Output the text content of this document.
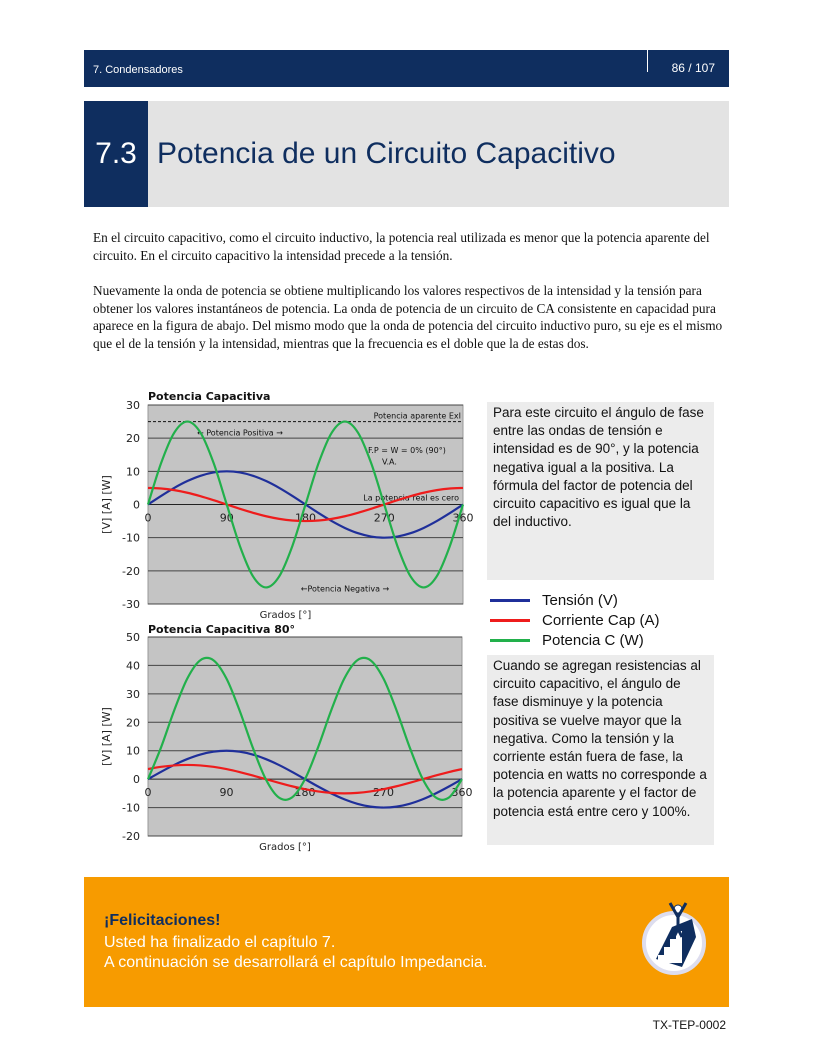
7. Condensadores	86 / 107
7.3 Potencia de un Circuito Capacitivo
En el circuito capacitivo, como el circuito inductivo, la potencia real utilizada es menor que la potencia aparente del circuito. En el circuito capacitivo la intensidad precede a la tensión.
Nuevamente la onda de potencia se obtiene multiplicando los valores respectivos de la intensidad y la tensión para obtener los valores instantáneos de potencia. La onda de potencia de un circuito de CA consistente en capacidad pura aparece en la figura de abajo. Del mismo modo que la onda de potencia del circuito inductivo puro, su eje es el mismo que el de la tensión y la intensidad, mientras que la frecuencia es el doble que la de estas dos.
Potencia Capacitiva
30
20
10
0
-10
-20
-30
0	90	180	270	360
Grados [°]
[V] [A] [W]
Potencia aparente ExI
← Potencia Positiva →
←Potencia Negativa →
F.P = W = 0% (90°)
V.A.
La potencia real es cero
Potencia Capacitiva 80°
50
40
30
20
10
0
-10
-20
0	90	180	270	360
Grados [°]
[V] [A] [W]
Para este circuito el ángulo de fase entre las ondas de tensión e intensidad es de 90°, y la potencia negativa igual a la positiva. La fórmula del factor de potencia del circuito capacitivo es igual que la del inductivo.
Tensión (V)
Corriente Cap (A)
Potencia C (W)
Cuando se agregan resistencias al circuito capacitivo, el ángulo de fase disminuye y la potencia positiva se vuelve mayor que la negativa. Como la tensión y la corriente están fuera de fase, la potencia en watts no corresponde a la potencia aparente y el factor de potencia está entre cero y 100%.
¡Felicitaciones!
Usted ha finalizado el capítulo 7.
A continuación se desarrollará el capítulo Impedancia.
TX-TEP-0002
